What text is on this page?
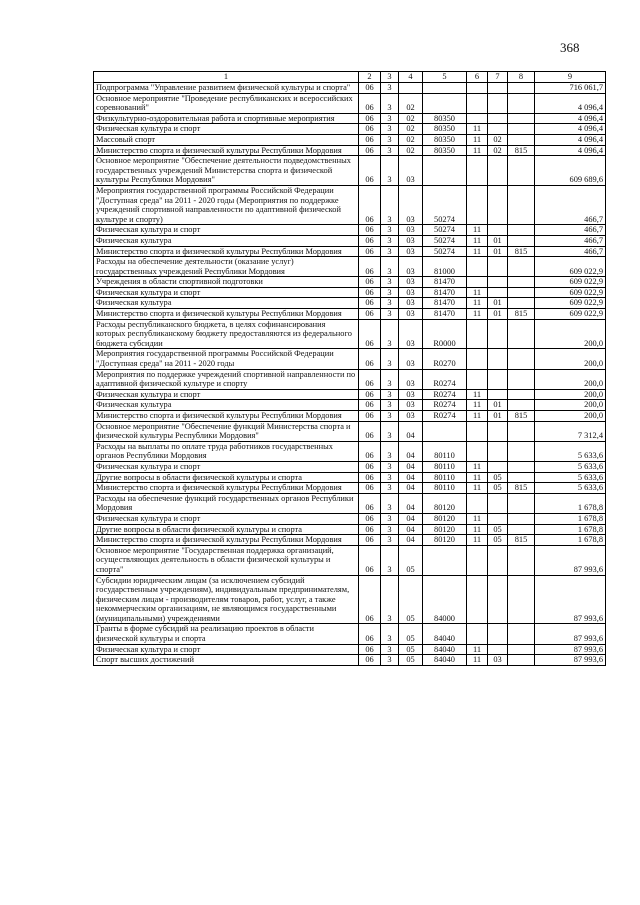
368
1	2	3	4	5	6	7	8	9
Подпрограмма "Управление развитием физической культуры и спорта"	06	3						716 061,7
Основное мероприятие "Проведение республиканских и всероссийских соревнований"	06	3	02					4 096,4
Физкультурно-оздоровительная работа и спортивные мероприятия	06	3	02	80350				4 096,4
Физическая культура и спорт	06	3	02	80350	11			4 096,4
Массовый спорт	06	3	02	80350	11	02		4 096,4
Министерство спорта и физической культуры Республики Мордовия	06	3	02	80350	11	02	815	4 096,4
Основное мероприятие "Обеспечение деятельности подведомственных государственных учреждений Министерства спорта и физической культуры Республики Мордовия"	06	3	03					609 689,6
Мероприятия государственной программы Российской Федерации "Доступная среда" на 2011 - 2020 годы (Мероприятия по поддержке учреждений спортивной направленности по адаптивной физической культуре и спорту)	06	3	03	50274				466,7
Физическая культура и спорт	06	3	03	50274	11			466,7
Физическая культура	06	3	03	50274	11	01		466,7
Министерство спорта и физической культуры Республики Мордовия	06	3	03	50274	11	01	815	466,7
Расходы на обеспечение деятельности (оказание услуг) государственных учреждений Республики Мордовия	06	3	03	81000				609 022,9
Учреждения в области спортивной подготовки	06	3	03	81470				609 022,9
Физическая культура и спорт	06	3	03	81470	11			609 022,9
Физическая культура	06	3	03	81470	11	01		609 022,9
Министерство спорта и физической культуры Республики Мордовия	06	3	03	81470	11	01	815	609 022,9
Расходы республиканского бюджета, в целях софинансирования которых республиканскому бюджету предоставляются из федерального бюджета субсидии	06	3	03	R0000				200,0
Мероприятия государственной программы Российской Федерации "Доступная среда" на 2011 - 2020 годы	06	3	03	R0270				200,0
Мероприятия по поддержке учреждений спортивной направленности по адаптивной физической культуре и спорту	06	3	03	R0274				200,0
Физическая культура и спорт	06	3	03	R0274	11			200,0
Физическая культура	06	3	03	R0274	11	01		200,0
Министерство спорта и физической культуры Республики Мордовия	06	3	03	R0274	11	01	815	200,0
Основное мероприятие "Обеспечение функций Министерства спорта и физической культуры Республики Мордовия"	06	3	04					7 312,4
Расходы на выплаты по оплате труда работников государственных органов Республики Мордовия	06	3	04	80110				5 633,6
Физическая культура и спорт	06	3	04	80110	11			5 633,6
Другие вопросы в области физической культуры и спорта	06	3	04	80110	11	05		5 633,6
Министерство спорта и физической культуры Республики Мордовия	06	3	04	80110	11	05	815	5 633,6
Расходы на обеспечение функций государственных органов Республики Мордовия	06	3	04	80120				1 678,8
Физическая культура и спорт	06	3	04	80120	11			1 678,8
Другие вопросы в области физической культуры и спорта	06	3	04	80120	11	05		1 678,8
Министерство спорта и физической культуры Республики Мордовия	06	3	04	80120	11	05	815	1 678,8
Основное мероприятие "Государственная поддержка организаций, осуществляющих деятельность в области физической культуры и спорта"	06	3	05					87 993,6
Субсидии юридическим лицам (за исключением субсидий государственным учреждениям), индивидуальным предпринимателям, физическим лицам - производителям товаров, работ, услуг, а также некоммерческим организациям, не являющимся государственными (муниципальными) учреждениями	06	3	05	84000				87 993,6
Гранты в форме субсидий на реализацию проектов в области физической культуры и спорта	06	3	05	84040				87 993,6
Физическая культура и спорт	06	3	05	84040	11			87 993,6
Спорт высших достижений	06	3	05	84040	11	03		87 993,6
